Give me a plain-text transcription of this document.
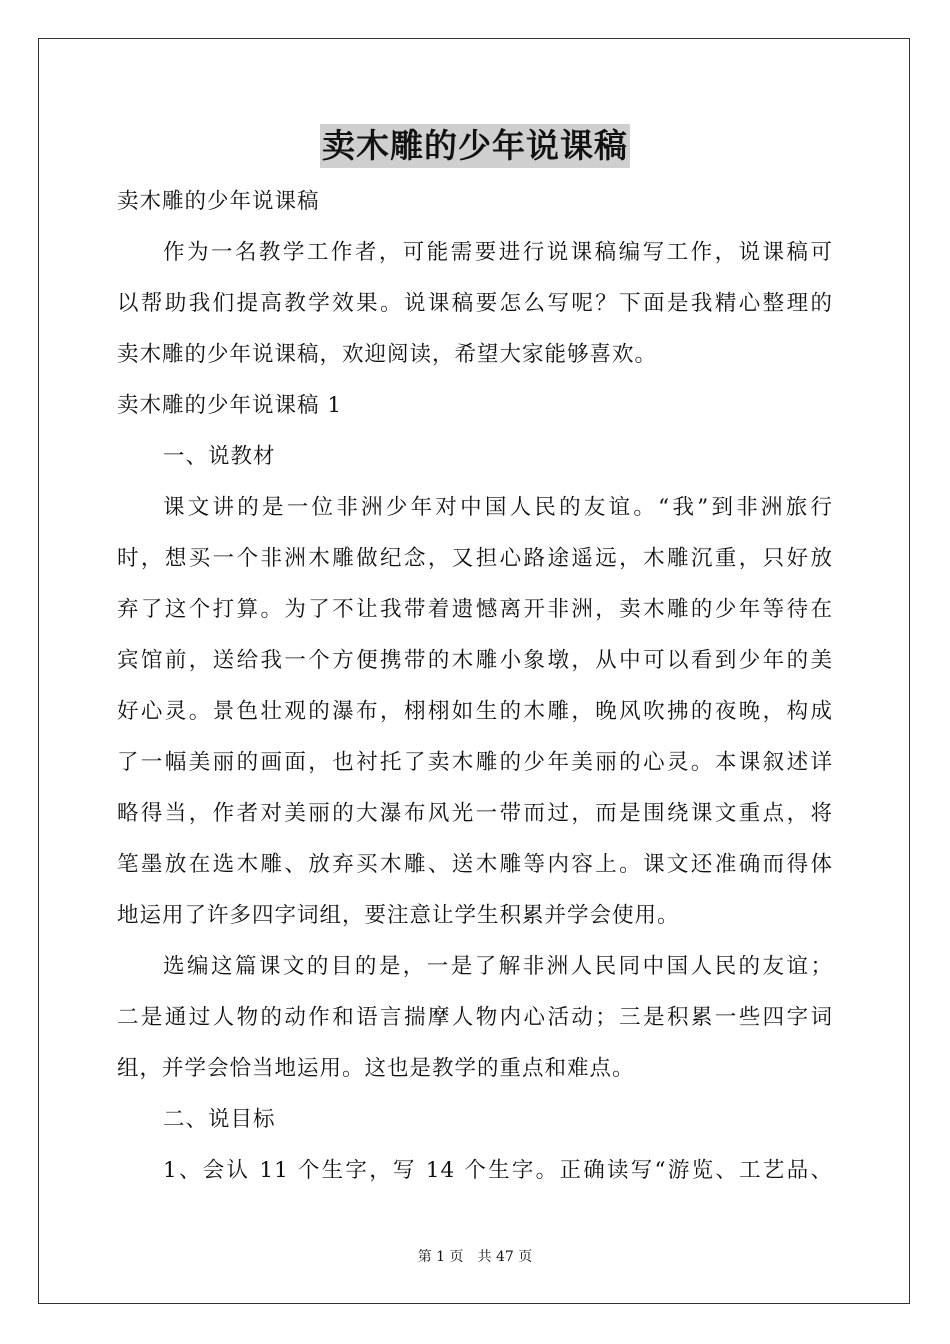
卖木雕的少年说课稿

卖木雕的少年说课稿

作为一名教学工作者，可能需要进行说课稿编写工作，说课稿可

以帮助我们提高教学效果。说课稿要怎么写呢？下面是我精心整理的

卖木雕的少年说课稿，欢迎阅读，希望大家能够喜欢。

卖木雕的少年说课稿 1

一、说教材

课文讲的是一位非洲少年对中国人民的友谊。“我”到非洲旅行

时，想买一个非洲木雕做纪念，又担心路途遥远，木雕沉重，只好放

弃了这个打算。为了不让我带着遗憾离开非洲，卖木雕的少年等待在

宾馆前，送给我一个方便携带的木雕小象墩，从中可以看到少年的美

好心灵。景色壮观的瀑布，栩栩如生的木雕，晚风吹拂的夜晚，构成

了一幅美丽的画面，也衬托了卖木雕的少年美丽的心灵。本课叙述详

略得当，作者对美丽的大瀑布风光一带而过，而是围绕课文重点，将

笔墨放在选木雕、放弃买木雕、送木雕等内容上。课文还准确而得体

地运用了许多四字词组，要注意让学生积累并学会使用。

选编这篇课文的目的是，一是了解非洲人民同中国人民的友谊；

二是通过人物的动作和语言揣摩人物内心活动；三是积累一些四字词

组，并学会恰当地运用。这也是教学的重点和难点。

二、说目标

1、会认 11 个生字，写 14 个生字。正确读写“游览、工艺品、

第 1 页　共 47 页
